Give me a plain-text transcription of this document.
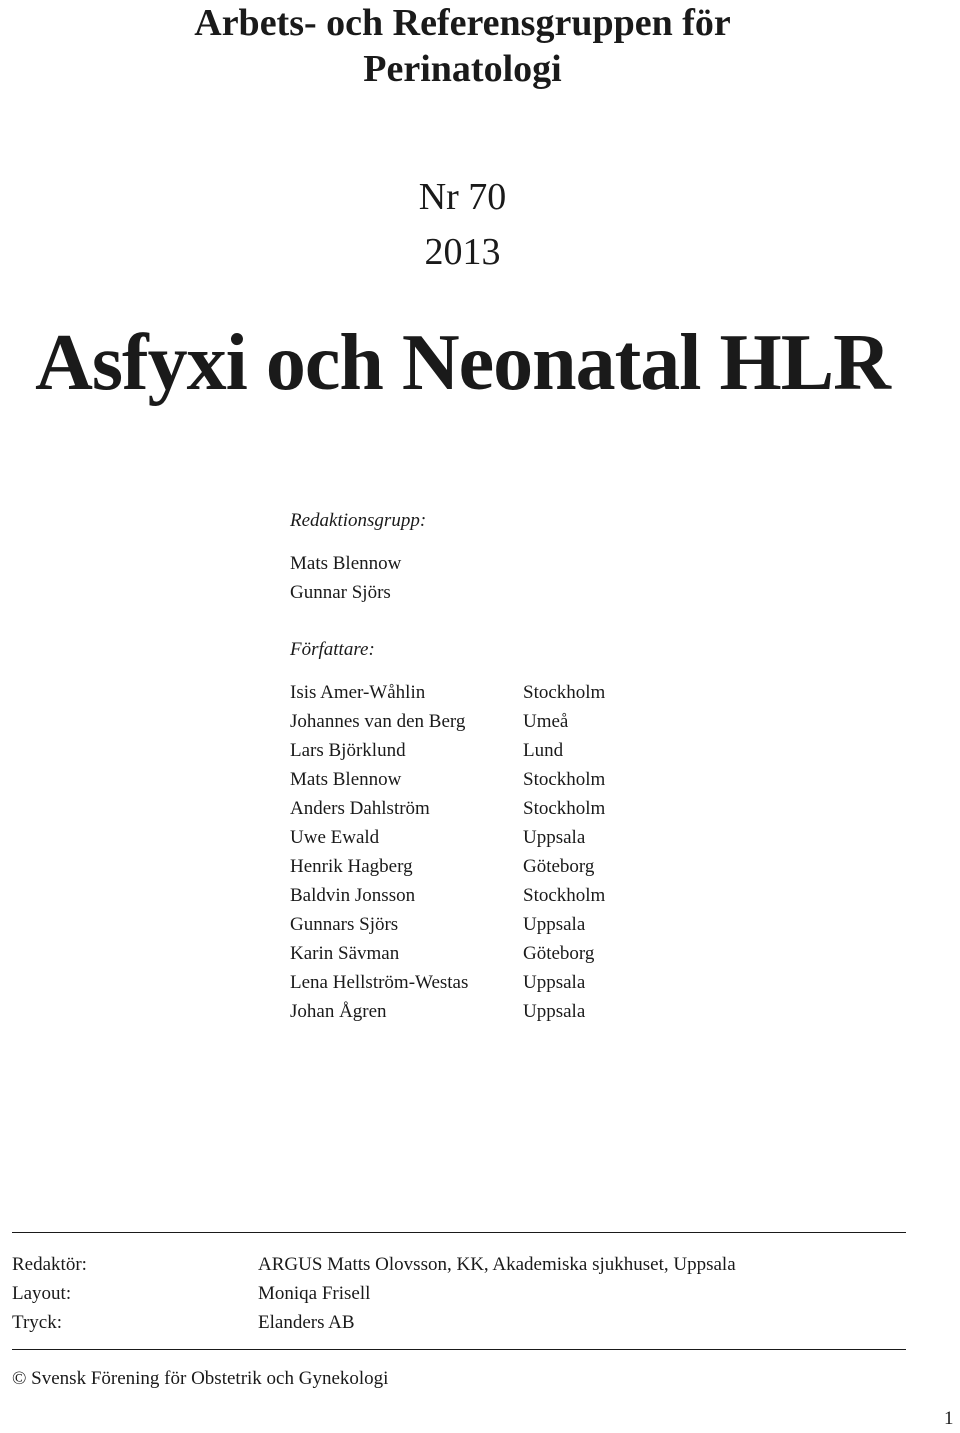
Arbets- och Referensgruppen för
Perinatologi
Nr 70
2013
Asfyxi och Neonatal HLR
Redaktionsgrupp:
Mats Blennow
Gunnar Sjörs
Författare:
Isis Amer-Wåhlin
Johannes van den Berg
Lars Björklund
Mats Blennow
Anders Dahlström
Uwe Ewald
Henrik Hagberg
Baldvin Jonsson
Gunnars Sjörs
Karin Sävman
Lena Hellström-Westas
Johan Ågren
Stockholm
Umeå
Lund
Stockholm
Stockholm
Uppsala
Göteborg
Stockholm
Uppsala
Göteborg
Uppsala
Uppsala
Redaktör:
Layout:
Tryck:
ARGUS Matts Olovsson, KK, Akademiska sjukhuset, Uppsala
Moniqa Frisell
Elanders AB
© Svensk Förening för Obstetrik och Gynekologi
1
